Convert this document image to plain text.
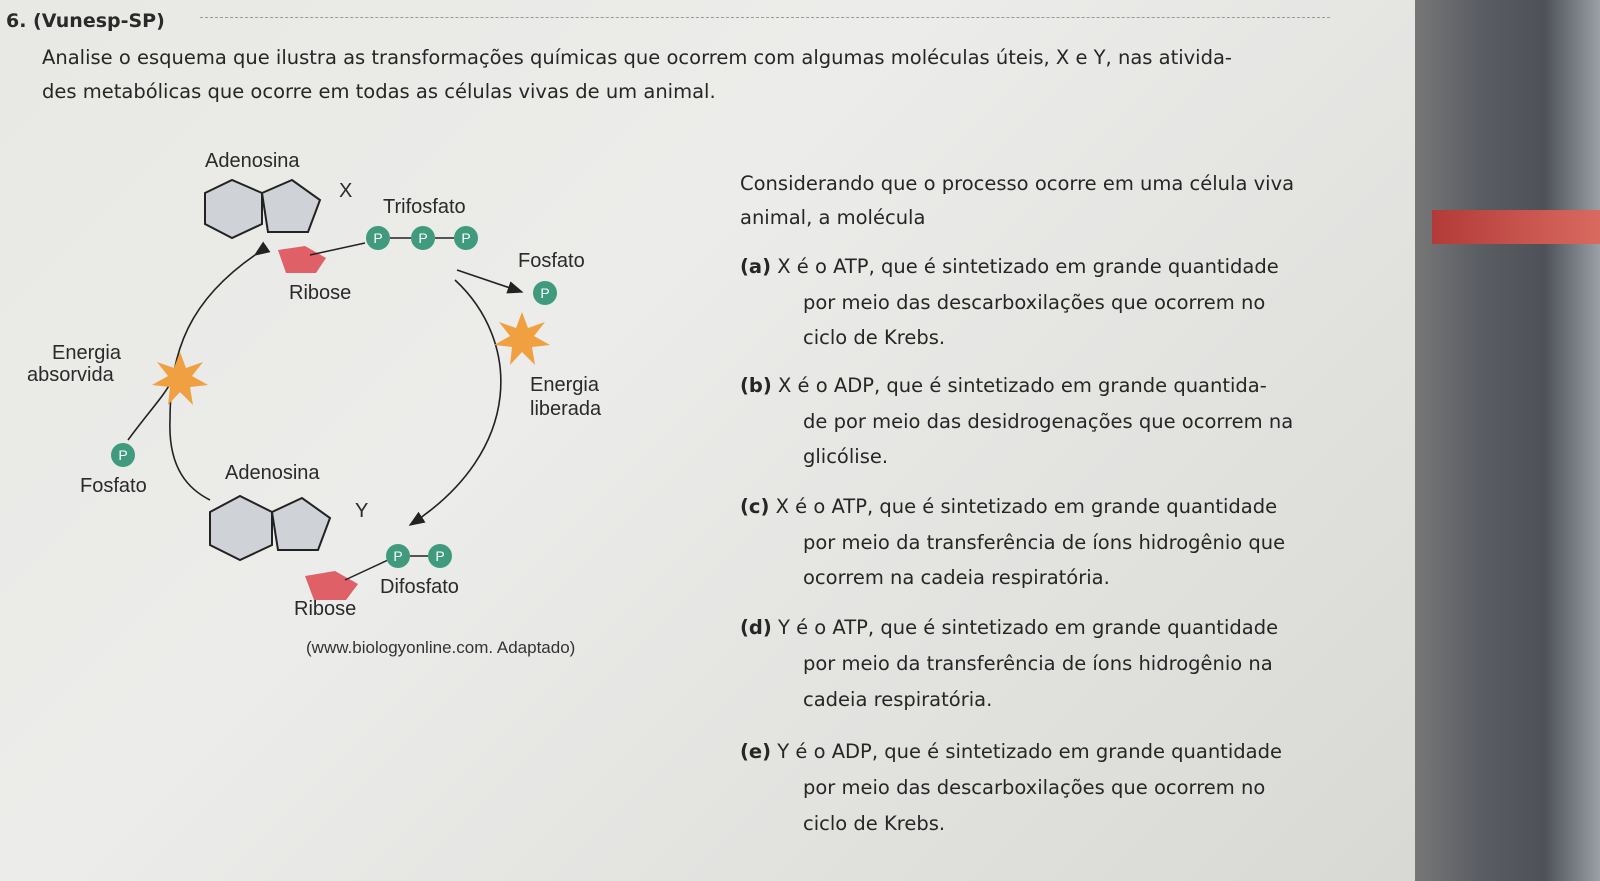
6. (Vunesp-SP)
Analise o esquema que ilustra as transformações químicas que ocorrem com algumas moléculas úteis, X e Y, nas ativida-
des metabólicas que ocorre em todas as células vivas de um animal.
P	P P
P
P
P P
Adenosina
X
Trifosfato
Ribose
Fosfato
Energia
absorvida	Energia
liberada
Fosfato
Adenosina
Y
Difosfato
Ribose
(www.biologyonline.com. Adaptado)
Considerando que o processo ocorre em uma célula viva
animal, a molécula
(a) X é o ATP, que é sintetizado em grande quantidade
por meio das descarboxilações que ocorrem no
ciclo de Krebs.
(b) X é o ADP, que é sintetizado em grande quantida-
de por meio das desidrogenações que ocorrem na
glicólise.
(c) X é o ATP, que é sintetizado em grande quantidade
por meio da transferência de íons hidrogênio que
ocorrem na cadeia respiratória.
(d) Y é o ATP, que é sintetizado em grande quantidade
por meio da transferência de íons hidrogênio na
cadeia respiratória.
(e) Y é o ADP, que é sintetizado em grande quantidade
por meio das descarboxilações que ocorrem no
ciclo de Krebs.
